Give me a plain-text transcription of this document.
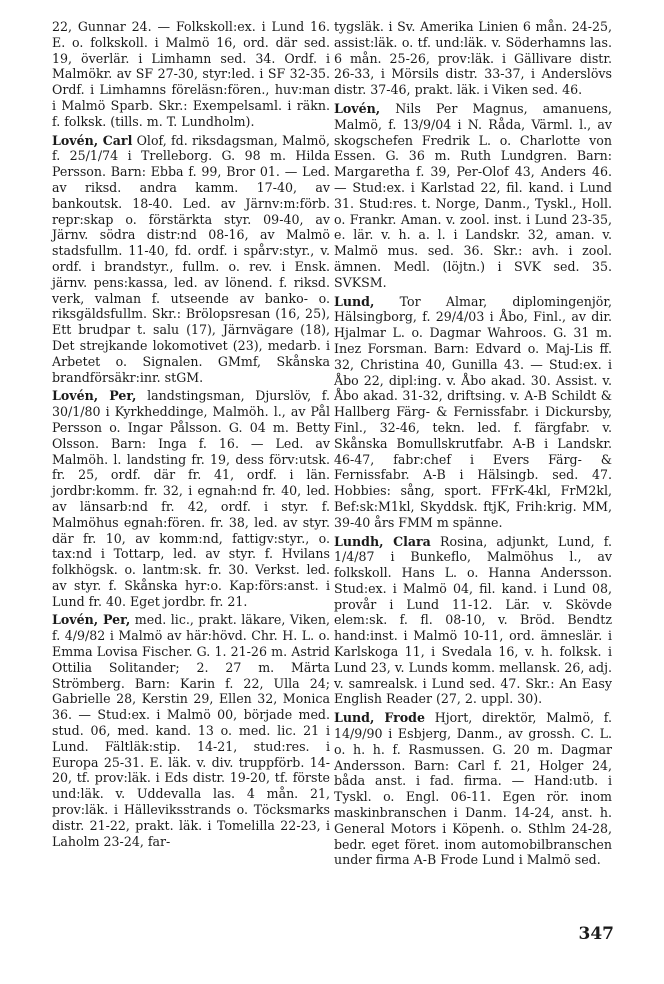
22, Gunnar 24. — Folkskoll:ex. i Lund 16. E. o. folkskoll. i Malmö 16, ord. där sed. 19, överlär. i Limhamn sed. 34. Ordf. i Malmökr. av SF 27-30, styr:led. i SF 32-35. Ordf. i Limhamns föreläsn:fören., huv:man i Malmö Sparb. Skr.: Exempelsaml. i räkn. f. folksk. (tills. m. T. Lundholm).

Lovén, Carl Olof, fd. riksdagsman, Malmö, f. 25/1/74 i Trelleborg. G. 98 m. Hilda Persson. Barn: Ebba f. 99, Bror 01. — Led. av riksd. andra kamm. 17-40, av bankoutsk. 18-40. Led. av Järnv:m:förb. repr:skap o. förstärkta styr. 09-40, av Järnv. södra distr:nd 08-16, av Malmö stadsfullm. 11-40, fd. ordf. i spårv:styr., v. ordf. i brandstyr., fullm. o. rev. i Ensk. järnv. pens:kassa, led. av lönend. f. riksd. verk, valman f. utseende av banko- o. riksgäldsfullm. Skr.: Brölopsresan (16, 25), Ett brudpar t. salu (17), Järnvägare (18), Det strejkande lokomotivet (23), medarb. i Arbetet o. Signalen. GMmf, Skånska brandförsäkr:inr. stGM.

Lovén, Per, landstingsman, Djurslöv, f. 30/1/80 i Kyrkheddinge, Malmöh. l., av Pål Persson o. Ingar Pålsson. G. 04 m. Betty Olsson. Barn: Inga f. 16. — Led. av Malmöh. l. landsting fr. 19, dess förv:utsk. fr. 25, ordf. där fr. 41, ordf. i län. jordbr:komm. fr. 32, i egnah:nd fr. 40, led. av länsarb:nd fr. 42, ordf. i styr. f. Malmöhus egnah:fören. fr. 38, led. av styr. där fr. 10, av komm:nd, fattigv:styr., o. tax:nd i Tottarp, led. av styr. f. Hvilans folkhögsk. o. lantm:sk. fr. 30. Verkst. led. av styr. f. Skånska hyr:o. Kap:förs:anst. i Lund fr. 40. Eget jordbr. fr. 21.

Lovén, Per, med. lic., prakt. läkare, Viken, f. 4/9/82 i Malmö av här:hövd. Chr. H. L. o. Emma Lovisa Fischer. G. 1. 21-26 m. Astrid Ottilia Solitander; 2. 27 m. Märta Strömberg. Barn: Karin f. 22, Ulla 24; Gabrielle 28, Kerstin 29, Ellen 32, Monica 36. — Stud:ex. i Malmö 00, började med. stud. 06, med. kand. 13 o. med. lic. 21 i Lund. Fältläk:stip. 14-21, stud:res. i Europa 25-31. E. läk. v. div. truppförb. 14-20, tf. prov:läk. i Eds distr. 19-20, tf. förste und:läk. v. Uddevalla las. 4 mån. 21, prov:läk. i Hälleviksstrands o. Töcksmarks distr. 21-22, prakt. läk. i Tomelilla 22-23, i Laholm 23-24, far-

tygsläk. i Sv. Amerika Linien 6 mån. 24-25, assist:läk. o. tf. und:läk. v. Söderhamns las. 6 mån. 25-26, prov:läk. i Gällivare distr. 26-33, i Mörsils distr. 33-37, i Anderslövs distr. 37-46, prakt. läk. i Viken sed. 46.

Lovén, Nils Per Magnus, amanuens, Malmö, f. 13/9/04 i N. Råda, Värml. l., av skogschefen Fredrik L. o. Charlotte von Essen. G. 36 m. Ruth Lundgren. Barn: Margaretha f. 39, Per-Olof 43, Anders 46. — Stud:ex. i Karlstad 22, fil. kand. i Lund 31. Stud:res. t. Norge, Danm., Tyskl., Holl. o. Frankr. Aman. v. zool. inst. i Lund 23-35, e. lär. v. h. a. l. i Landskr. 32, aman. v. Malmö mus. sed. 36. Skr.: avh. i zool. ämnen. Medl. (löjtn.) i SVK sed. 35. SVKSM.

Lund, Tor Almar, diplomingenjör, Hälsingborg, f. 29/4/03 i Åbo, Finl., av dir. Hjalmar L. o. Dagmar Wahroos. G. 31 m. Inez Forsman. Barn: Edvard o. Maj-Lis ff. 32, Christina 40, Gunilla 43. — Stud:ex. i Åbo 22, dipl:ing. v. Åbo akad. 30. Assist. v. Åbo akad. 31-32, driftsing. v. A-B Schildt & Hallberg Färg- & Fernissfabr. i Dickursby, Finl., 32-46, tekn. led. f. färgfabr. v. Skånska Bomullskrutfabr. A-B i Landskr. 46-47, fabr:chef i Evers Färg- & Fernissfabr. A-B i Hälsingb. sed. 47. Hobbies: sång, sport. FFrK-4kl, FrM2kl, Bef:sk:M1kl, Skyddsk. ftjK, Frih:krig. MM, 39-40 års FMM m spänne.

Lundh, Clara Rosina, adjunkt, Lund, f. 1/4/87 i Bunkeflo, Malmöhus l., av folkskoll. Hans L. o. Hanna Andersson. Stud:ex. i Malmö 04, fil. kand. i Lund 08, provår i Lund 11-12. Lär. v. Skövde elem:sk. f. fl. 08-10, v. Bröd. Bendtz hand:inst. i Malmö 10-11, ord. ämneslär. i Karlskoga 11, i Svedala 16, v. h. folksk. i Lund 23, v. Lunds komm. mellansk. 26, adj. v. samrealsk. i Lund sed. 47. Skr.: An Easy English Reader (27, 2. uppl. 30).

Lund, Frode Hjort, direktör, Malmö, f. 14/9/90 i Esbjerg, Danm., av grossh. C. L. o. h. h. f. Rasmussen. G. 20 m. Dagmar Andersson. Barn: Carl f. 21, Holger 24, båda anst. i fad. firma. — Hand:utb. i Tyskl. o. Engl. 06-11. Egen rör. inom maskinbranschen i Danm. 14-24, anst. h. General Motors i Köpenh. o. Sthlm 24-28, bedr. eget föret. inom automobilbranschen under firma A-B Frode Lund i Malmö sed.

347
